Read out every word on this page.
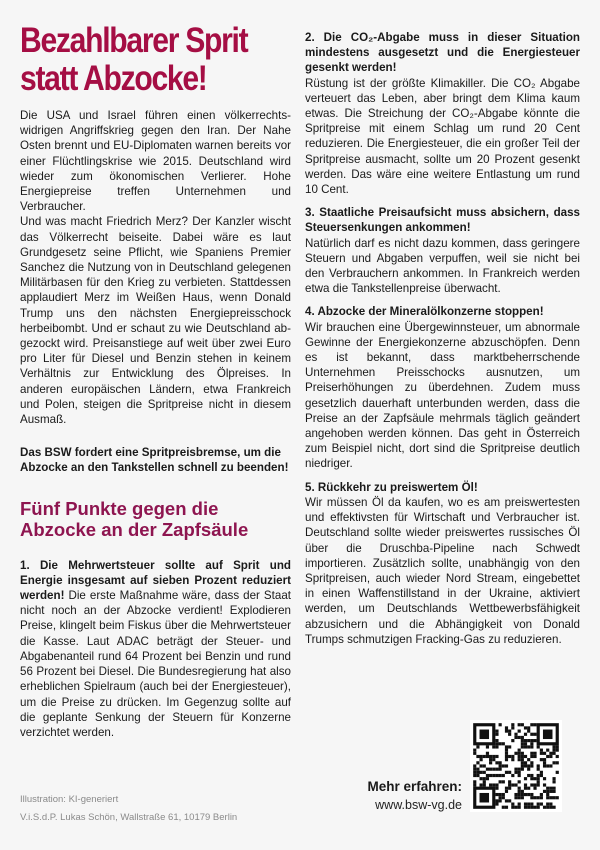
Bezahlbarer Sprit
statt Abzocke!

Die USA und Israel führen einen völkerrechtswidrigen Angriffskrieg gegen den Iran. Der Nahe Osten brennt und EU-Diplomaten warnen bereits vor einer Flüchtlingskrise wie 2015. Deutschland wird wieder zum ökonomischen Verlierer. Hohe Energiepreise treffen Unternehmen und Verbraucher.

Und was macht Friedrich Merz? Der Kanzler wischt das Völkerrecht beiseite. Dabei wäre es laut Grundgesetz seine Pflicht, wie Spaniens Premier Sanchez die Nutzung von in Deutschland gelegenen Militärbasen für den Krieg zu verbieten. Stattdessen applaudiert Merz im Weißen Haus, wenn Donald Trump uns den nächsten Energiepreisschock herbeibombt. Und er schaut zu wie Deutschland abgezockt wird. Preisanstiege auf weit über zwei Euro pro Liter für Diesel und Benzin stehen in keinem Verhältnis zur Entwicklung des Ölpreises. In anderen europäischen Ländern, etwa Frankreich und Polen, steigen die Spritpreise nicht in diesem Ausmaß.

Das BSW fordert eine Spritpreisbremse, um die Abzocke an den Tankstellen schnell zu beenden!

Fünf Punkte gegen die Abzocke an der Zapfsäule

1. Die Mehrwertsteuer sollte auf Sprit und Energie insgesamt auf sieben Prozent reduziert werden! Die erste Maßnahme wäre, dass der Staat nicht noch an der Abzocke verdient! Explodieren Preise, klingelt beim Fiskus über die Mehrwertsteuer die Kasse. Laut ADAC beträgt der Steuer- und Abgabenanteil rund 64 Prozent bei Benzin und rund 56 Prozent bei Diesel. Die Bundesregierung hat also erheblichen Spielraum (auch bei der Energiesteuer), um die Preise zu drücken. Im Gegenzug sollte auf die geplante Senkung der Steuern für Konzerne verzichtet werden.

2. Die CO₂-Abgabe muss in dieser Situation mindestens ausgesetzt und die Energiesteuer gesenkt werden!
Rüstung ist der größte Klimakiller. Die CO₂ Abgabe verteuert das Leben, aber bringt dem Klima kaum etwas. Die Streichung der CO₂-Abgabe könnte die Spritpreise mit einem Schlag um rund 20 Cent reduzieren. Die Energiesteuer, die ein großer Teil der Spritpreise ausmacht, sollte um 20 Prozent gesenkt werden. Das wäre eine weitere Entlastung um rund 10 Cent.
3. Staatliche Preisaufsicht muss absichern, dass Steuersenkungen ankommen!
Natürlich darf es nicht dazu kommen, dass geringere Steuern und Abgaben verpuffen, weil sie nicht bei den Verbrauchern ankommen. In Frankreich werden etwa die Tankstellenpreise überwacht.
4. Abzocke der Mineralölkonzerne stoppen!
Wir brauchen eine Übergewinnsteuer, um abnormale Gewinne der Energiekonzerne abzuschöpfen. Denn es ist bekannt, dass marktbeherrschende Unternehmen Preisschocks ausnutzen, um Preiserhöhungen zu überdehnen. Zudem muss gesetzlich dauerhaft unterbunden werden, dass die Preise an der Zapfsäule mehrmals täglich geändert angehoben werden können. Das geht in Österreich zum Beispiel nicht, dort sind die Spritpreise deutlich niedriger.
5. Rückkehr zu preiswertem Öl!
Wir müssen Öl da kaufen, wo es am preiswertesten und effektivsten für Wirtschaft und Verbraucher ist. Deutschland sollte wieder preiswertes russisches Öl über die Druschba-Pipeline nach Schwedt importieren. Zusätzlich sollte, unabhängig von den Spritpreisen, auch wieder Nord Stream, eingebettet in einen Waffenstillstand in der Ukraine, aktiviert werden, um Deutschlands Wettbewerbsfähigkeit abzusichern und die Abhängigkeit von Donald Trumps schmutzigen Fracking-Gas zu reduzieren.
Mehr erfahren:
www.bsw-vg.de
Illustration: KI-generiert
V.i.S.d.P. Lukas Schön, Wallstraße 61, 10179 Berlin
